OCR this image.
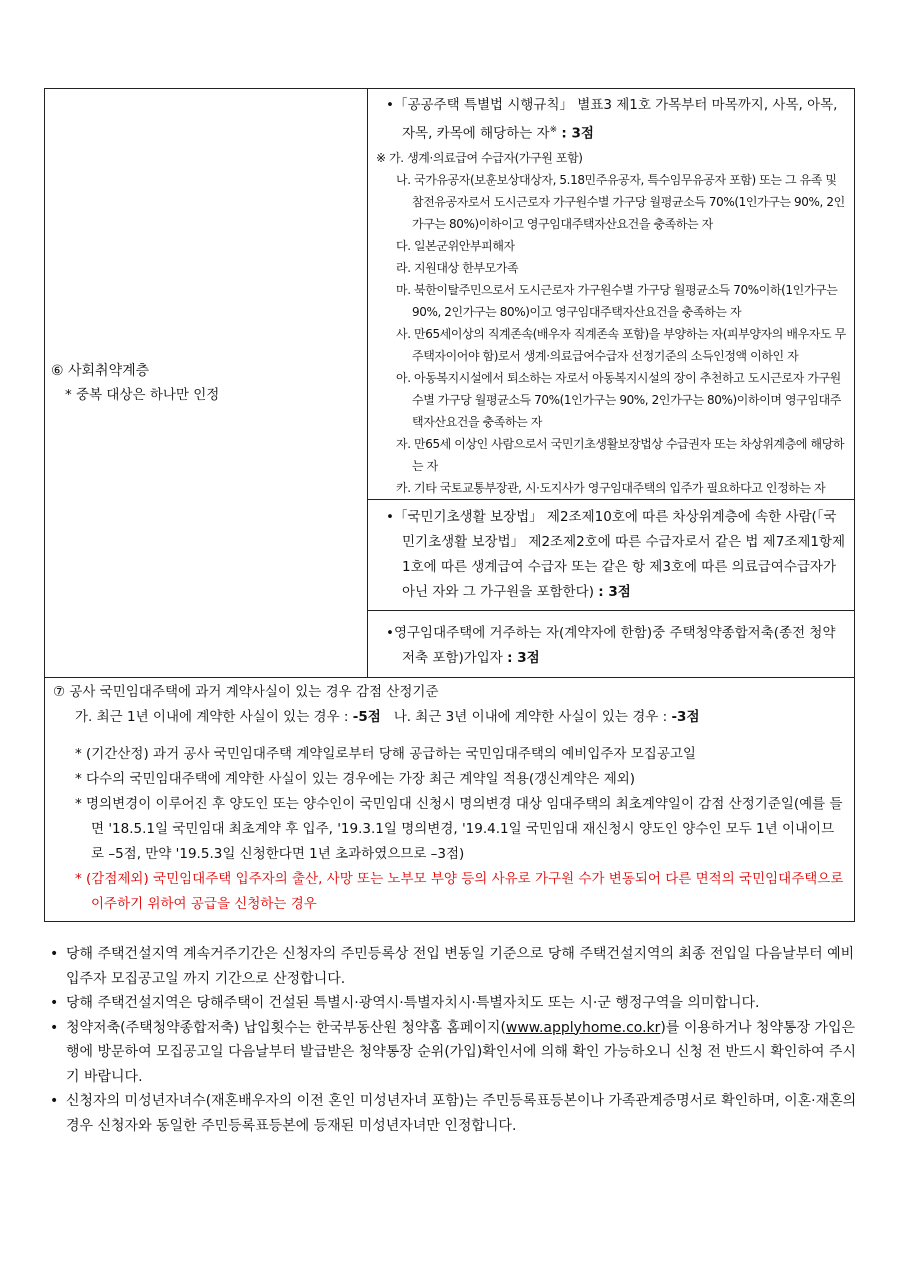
⑥ 사회취약계층
* 중복 대상은 하나만 인정

•「공공주택 특별법 시행규칙」 별표3 제1호 가목부터 마목까지, 사목, 아목, 자목, 카목에 해당하는 자※ : 3점
※ 가. 생계·의료급여 수급자(가구원 포함)
나. 국가유공자(보훈보상대상자, 5.18민주유공자, 특수임무유공자 포함) 또는 그 유족 및 참전유공자로서 도시근로자 가구원수별 가구당 월평균소득 70%(1인가구는 90%, 2인가구는 80%)이하이고 영구임대주택자산요건을 충족하는 자
다. 일본군위안부피해자
라. 지원대상 한부모가족
마. 북한이탈주민으로서 도시근로자 가구원수별 가구당 월평균소득 70%이하(1인가구는 90%, 2인가구는 80%)이고 영구임대주택자산요건을 충족하는 자
사. 만65세이상의 직계존속(배우자 직계존속 포함)을 부양하는 자(피부양자의 배우자도 무주택자이어야 함)로서 생계·의료급여수급자 선정기준의 소득인정액 이하인 자
아. 아동복지시설에서 퇴소하는 자로서 아동복지시설의 장이 추천하고 도시근로자 가구원수별 가구당 월평균소득 70%(1인가구는 90%, 2인가구는 80%)이하이며 영구임대주택자산요건을 충족하는 자
자. 만65세 이상인 사람으로서 국민기초생활보장법상 수급권자 또는 차상위계층에 해당하는 자
카. 기타 국토교통부장관, 시·도지사가 영구임대주택의 입주가 필요하다고 인정하는 자

•「국민기초생활 보장법」 제2조제10호에 따른 차상위계층에 속한 사람(「국민기초생활 보장법」 제2조제2호에 따른 수급자로서 같은 법 제7조제1항제1호에 따른 생계급여 수급자 또는 같은 항 제3호에 따른 의료급여수급자가 아닌 자와 그 가구원을 포함한다) : 3점

•영구임대주택에 거주하는 자(계약자에 한함)중 주택청약종합저축(종전 청약저축 포함)가입자 : 3점

⑦ 공사 국민임대주택에 과거 계약사실이 있는 경우 감점 산정기준
가. 최근 1년 이내에 계약한 사실이 있는 경우 : -5점 나. 최근 3년 이내에 계약한 사실이 있는 경우 : -3점
* (기간산정) 과거 공사 국민임대주택 계약일로부터 당해 공급하는 국민임대주택의 예비입주자 모집공고일
* 다수의 국민임대주택에 계약한 사실이 있는 경우에는 가장 최근 계약일 적용(갱신계약은 제외)
* 명의변경이 이루어진 후 양도인 또는 양수인이 국민임대 신청시 명의변경 대상 임대주택의 최초계약일이 감점 산정기준일(예를 들면 '18.5.1일 국민임대 최초계약 후 입주, '19.3.1일 명의변경, '19.4.1일 국민임대 재신청시 양도인 양수인 모두 1년 이내이므로 –5점, 만약 '19.5.3일 신청한다면 1년 초과하였으므로 –3점)
* (감점제외) 국민임대주택 입주자의 출산, 사망 또는 노부모 부양 등의 사유로 가구원 수가 변동되어 다른 면적의 국민임대주택으로 이주하기 위하여 공급을 신청하는 경우
• 당해 주택건설지역 계속거주기간은 신청자의 주민등록상 전입 변동일 기준으로 당해 주택건설지역의 최종 전입일 다음날부터 예비입주자 모집공고일 까지 기간으로 산정합니다.
• 당해 주택건설지역은 당해주택이 건설된 특별시·광역시·특별자치시·특별자치도 또는 시·군 행정구역을 의미합니다.
• 청약저축(주택청약종합저축) 납입횟수는 한국부동산원 청약홈 홈페이지(www.applyhome.co.kr)를 이용하거나 청약통장 가입은행에 방문하여 모집공고일 다음날부터 발급받은 청약통장 순위(가입)확인서에 의해 확인 가능하오니 신청 전 반드시 확인하여 주시기 바랍니다.
• 신청자의 미성년자녀수(재혼배우자의 이전 혼인 미성년자녀 포함)는 주민등록표등본이나 가족관계증명서로 확인하며, 이혼·재혼의 경우 신청자와 동일한 주민등록표등본에 등재된 미성년자녀만 인정합니다.
